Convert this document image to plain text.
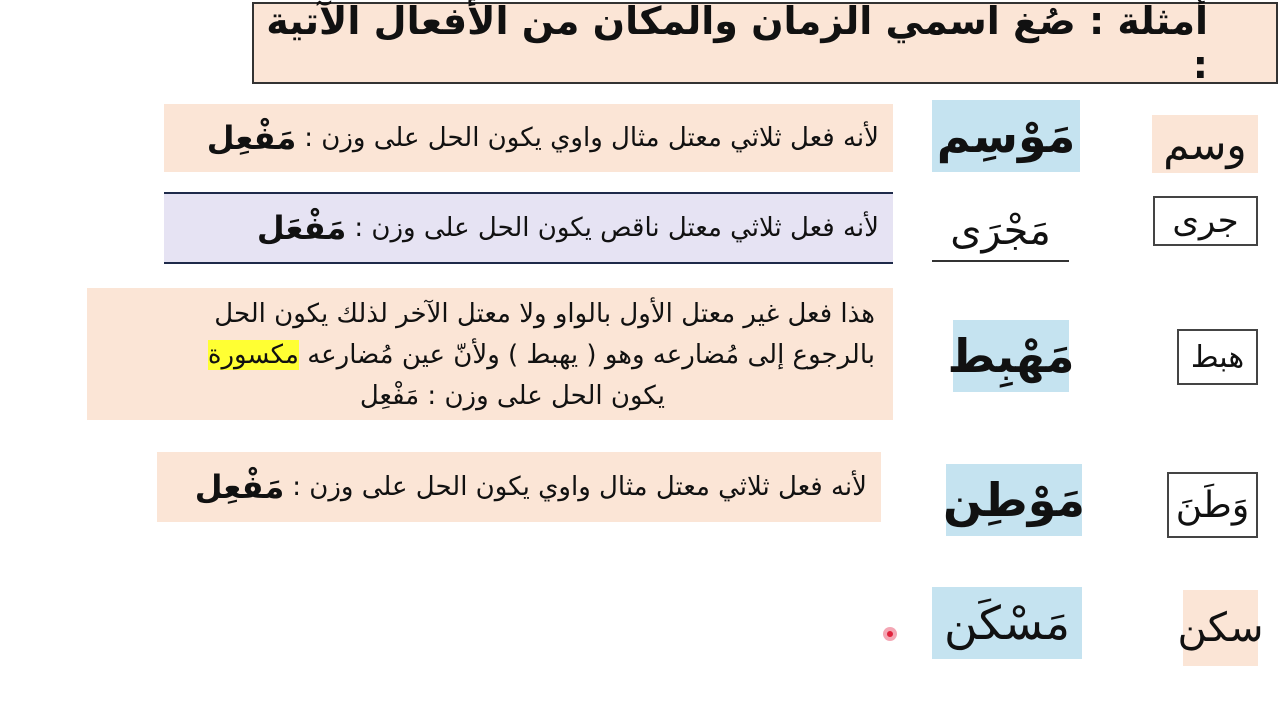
أمثلة : صُغ اسمي الزمان والمكان من الأفعال الآتية :
وسم
مَوْسِم
لأنه فعل ثلاثي معتل مثال واوي يكون الحل على وزن :
مَفْعِل
جرى
مَجْرَى
لأنه فعل ثلاثي معتل ناقص يكون الحل على وزن :
مَفْعَل
هبط
مَهْبِط
هذا فعل غير معتل الأول بالواو ولا معتل الآخر لذلك يكون الحل
بالرجوع إلى مُضارعه وهو ( يهبط ) ولأنّ عين مُضارعه مكسورة
يكون الحل على وزن : مَفْعِل
وَطَنَ
مَوْطِن
لأنه فعل ثلاثي معتل مثال واوي يكون الحل على وزن :
مَفْعِل
سكن
مَسْكَن
